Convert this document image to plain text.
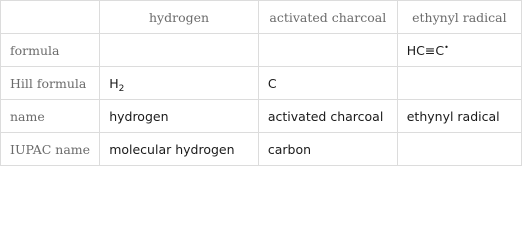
	hydrogen	activated charcoal	ethynyl radical
formula			HC≡C•
Hill formula	$H_2$	C	
name	hydrogen	activated charcoal	ethynyl radical
IUPAC name	molecular hydrogen	carbon	
